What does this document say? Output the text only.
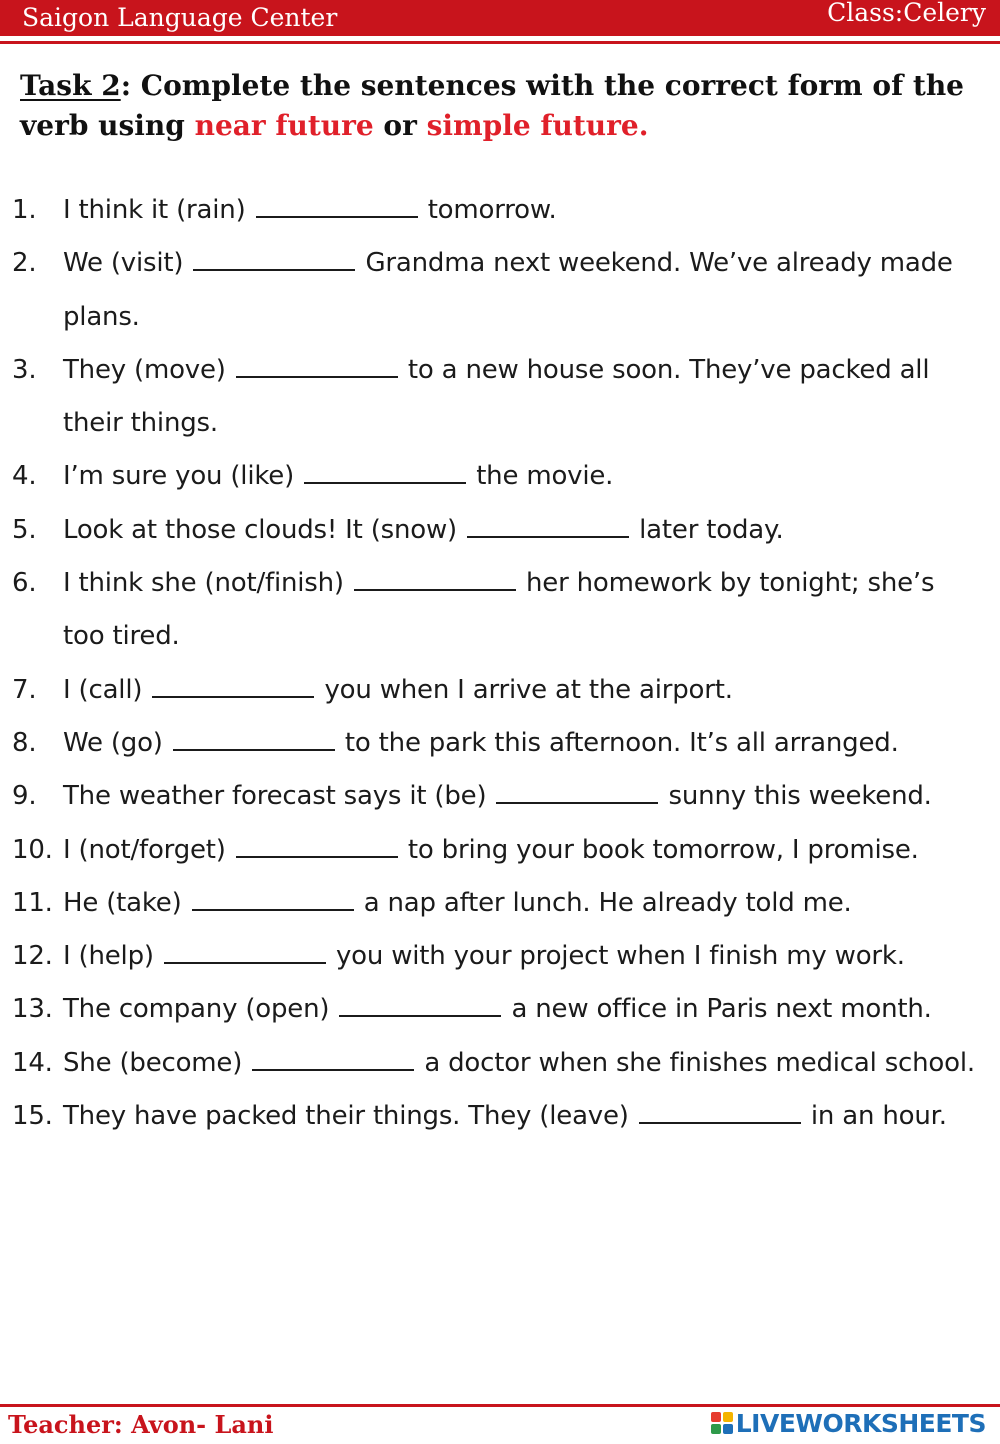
Saigon Language Center	Class:Celery
Task 2: Complete the sentences with the correct form of the verb using near future or simple future.
1. I think it (rain)	tomorrow.
2. We (visit)	Grandma next weekend. We’ve already made plans.
3. They (move)	to a new house soon. They’ve packed all their things.
4. I’m sure you (like)	the movie.
5. Look at those clouds! It (snow)	later today.
6. I think she (not/finish)	her homework by tonight; she’s too tired.
7. I (call)	you when I arrive at the airport.
8. We (go)	to the park this afternoon. It’s all arranged.
9. The weather forecast says it (be)	sunny this weekend.
10. I (not/forget)	to bring your book tomorrow, I promise.
11. He (take)	a nap after lunch. He already told me.
12. I (help)	you with your project when I finish my work.
13. The company (open)	a new office in Paris next month.
14. She (become)	a doctor when she finishes medical school.
15. They have packed their things. They (leave)	in an hour.
Teacher: Avon- Lani	LIVEWORKSHEETS
